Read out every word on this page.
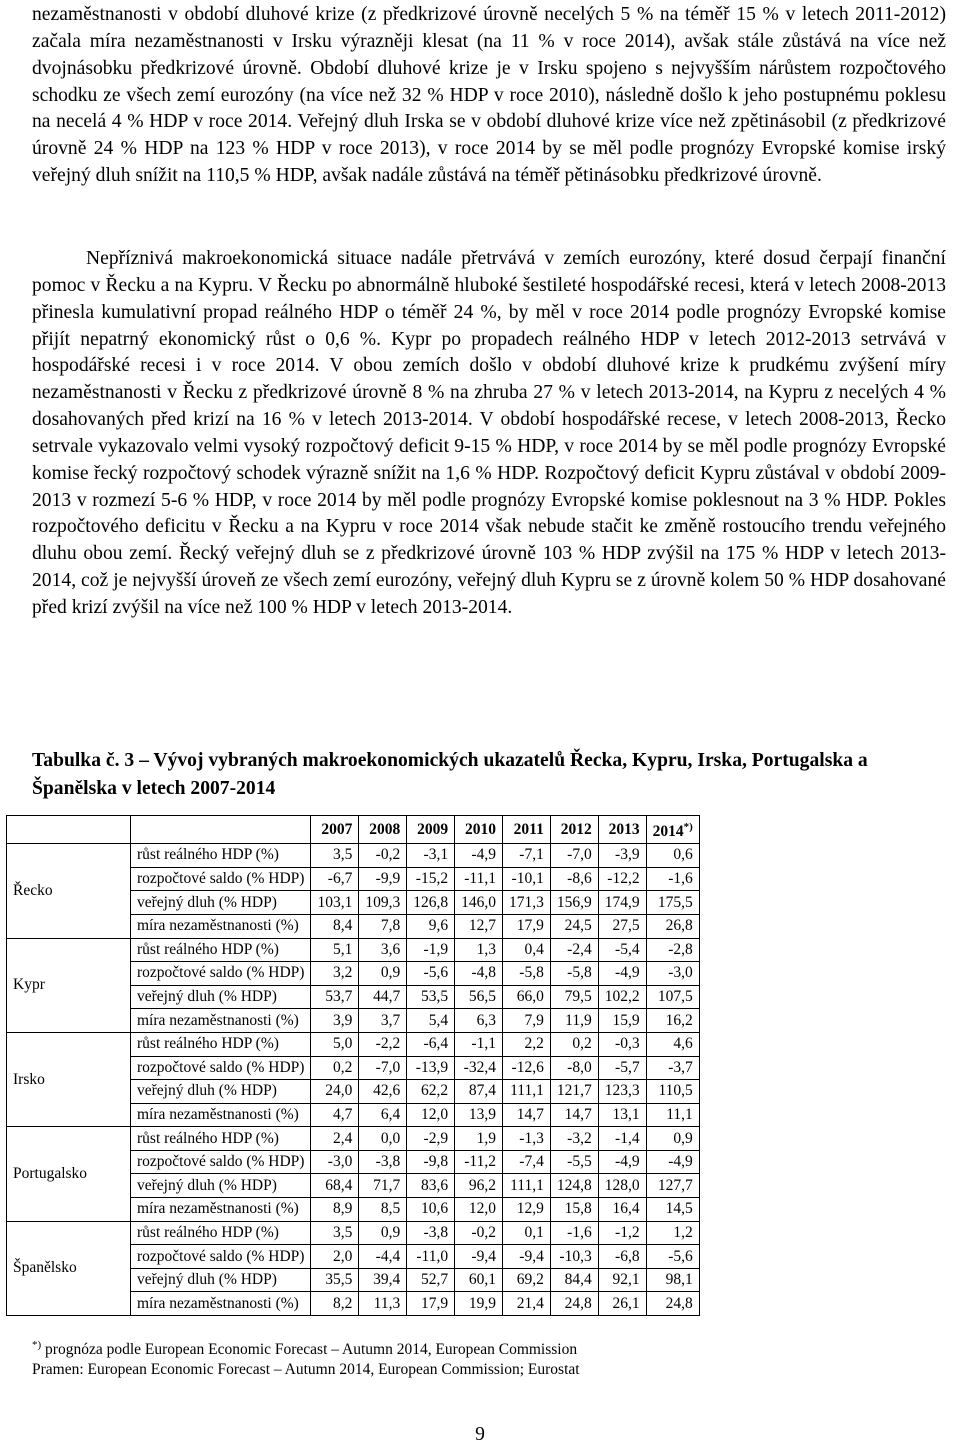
nezaměstnanosti v období dluhové krize (z předkrizové úrovně necelých 5 % na téměř 15 % v letech 2011-2012) začala míra nezaměstnanosti v Irsku výrazněji klesat (na 11 % v roce 2014), avšak stále zůstává na více než dvojnásobku předkrizové úrovně. Období dluhové krize je v Irsku spojeno s nejvyšším nárůstem rozpočtového schodku ze všech zemí eurozóny (na více než 32 % HDP v roce 2010), následně došlo k jeho postupnému poklesu na necelá 4 % HDP v roce 2014. Veřejný dluh Irska se v období dluhové krize více než zpětinásobil (z předkrizové úrovně 24 % HDP na 123 % HDP v roce 2013), v roce 2014 by se měl podle prognózy Evropské komise irský veřejný dluh snížit na 110,5 % HDP, avšak nadále zůstává na téměř pětinásobku předkrizové úrovně.

Nepříznivá makroekonomická situace nadále přetrvává v zemích eurozóny, které dosud čerpají finanční pomoc v Řecku a na Kypru. V Řecku po abnormálně hluboké šestileté hospodářské recesi, která v letech 2008-2013 přinesla kumulativní propad reálného HDP o téměř 24 %, by měl v roce 2014 podle prognózy Evropské komise přijít nepatrný ekonomický růst o 0,6 %. Kypr po propadech reálného HDP v letech 2012-2013 setrvává v hospodářské recesi i v roce 2014. V obou zemích došlo v období dluhové krize k prudkému zvýšení míry nezaměstnanosti v Řecku z předkrizové úrovně 8 % na zhruba 27 % v letech 2013-2014, na Kypru z necelých 4 % dosahovaných před krizí na 16 % v letech 2013-2014. V období hospodářské recese, v letech 2008-2013, Řecko setrvale vykazovalo velmi vysoký rozpočtový deficit 9-15 % HDP, v roce 2014 by se měl podle prognózy Evropské komise řecký rozpočtový schodek výrazně snížit na 1,6 % HDP. Rozpočtový deficit Kypru zůstával v období 2009-2013 v rozmezí 5-6 % HDP, v roce 2014 by měl podle prognózy Evropské komise poklesnout na 3 % HDP. Pokles rozpočtového deficitu v Řecku a na Kypru v roce 2014 však nebude stačit ke změně rostoucího trendu veřejného dluhu obou zemí. Řecký veřejný dluh se z předkrizové úrovně 103 % HDP zvýšil na 175 % HDP v letech 2013-2014, což je nejvyšší úroveň ze všech zemí eurozóny, veřejný dluh Kypru se z úrovně kolem 50 % HDP dosahované před krizí zvýšil na více než 100 % HDP v letech 2013-2014.

Tabulka č. 3 – Vývoj vybraných makroekonomických ukazatelů Řecka, Kypru, Irska, Portugalska a Španělska v letech 2007-2014

		2007	2008	2009	2010	2011	2012	2013	2014*)
Řecko	růst reálného HDP (%)	3,5	-0,2	-3,1	-4,9	-7,1	-7,0	-3,9	0,6
	rozpočtové saldo (% HDP)	-6,7	-9,9	-15,2	-11,1	-10,1	-8,6	-12,2	-1,6
	veřejný dluh (% HDP)	103,1	109,3	126,8	146,0	171,3	156,9	174,9	175,5
	míra nezaměstnanosti (%)	8,4	7,8	9,6	12,7	17,9	24,5	27,5	26,8
Kypr	růst reálného HDP (%)	5,1	3,6	-1,9	1,3	0,4	-2,4	-5,4	-2,8
	rozpočtové saldo (% HDP)	3,2	0,9	-5,6	-4,8	-5,8	-5,8	-4,9	-3,0
	veřejný dluh (% HDP)	53,7	44,7	53,5	56,5	66,0	79,5	102,2	107,5
	míra nezaměstnanosti (%)	3,9	3,7	5,4	6,3	7,9	11,9	15,9	16,2
Irsko	růst reálného HDP (%)	5,0	-2,2	-6,4	-1,1	2,2	0,2	-0,3	4,6
	rozpočtové saldo (% HDP)	0,2	-7,0	-13,9	-32,4	-12,6	-8,0	-5,7	-3,7
	veřejný dluh (% HDP)	24,0	42,6	62,2	87,4	111,1	121,7	123,3	110,5
	míra nezaměstnanosti (%)	4,7	6,4	12,0	13,9	14,7	14,7	13,1	11,1
Portugalsko	růst reálného HDP (%)	2,4	0,0	-2,9	1,9	-1,3	-3,2	-1,4	0,9
	rozpočtové saldo (% HDP)	-3,0	-3,8	-9,8	-11,2	-7,4	-5,5	-4,9	-4,9
	veřejný dluh (% HDP)	68,4	71,7	83,6	96,2	111,1	124,8	128,0	127,7
	míra nezaměstnanosti (%)	8,9	8,5	10,6	12,0	12,9	15,8	16,4	14,5
Španělsko	růst reálného HDP (%)	3,5	0,9	-3,8	-0,2	0,1	-1,6	-1,2	1,2
	rozpočtové saldo (% HDP)	2,0	-4,4	-11,0	-9,4	-9,4	-10,3	-6,8	-5,6
	veřejný dluh (% HDP)	35,5	39,4	52,7	60,1	69,2	84,4	92,1	98,1
	míra nezaměstnanosti (%)	8,2	11,3	17,9	19,9	21,4	24,8	26,1	24,8

*) prognóza podle European Economic Forecast – Autumn 2014, European Commission

Pramen: European Economic Forecast – Autumn 2014, European Commission; Eurostat

9
